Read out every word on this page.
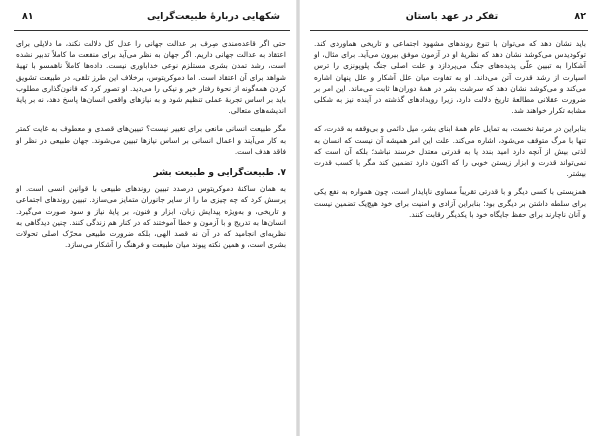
۸۱	شکهایی دربارهٔ طبیعت‌گرایی

حتی اگر قاعده‌مندی صِرف بر عدالت جهانی را عدل کل دلالت نکند، ما دلایلی برای اعتقاد به عدالت جهانی داریم. اگر جهان به نظر می‌آید برای منفعت ما کاملاً تدبیر نشده است، رشد تمدن بشری مستلزم نوعی خداباوری نیست. داده‌ها کاملاً ناهمسو با تهیهٔ شواهد برای آن اعتقاد است. اما دموکریتوس، برخلاف این طرز تلقی، در طبیعت تشویق کردن همه‌گونه از نحوهٔ رفتار خیر و نیکی را می‌دید. او تصور کرد که قانون‌گذاری مطلوب باید بر اساس تجربهٔ عملی تنظیم شود و به نیازهای واقعی انسان‌ها پاسخ دهد، نه بر پایهٔ اندیشه‌های متعالی.

مگر طبیعت انسانی مانعی برای تغییر نیست؟ تبیین‌های قصدی و معطوف به غایت کمتر به کار می‌آیند و اعمال انسانی بر اساس نیازها تبیین می‌شوند. جهان طبیعی در نظر او فاقد هدف است.

۷. طبیعت‌گرایی و طبیعت بشر

به همان ساکنهٔ دموکریتوس درصدد تبیین روندهای طبیعی با قوانین انسی است. او پرسش کرد که چه چیزی ما را از سایر جانوران متمایز می‌سازد. تبیین روندهای اجتماعی و تاریخی، و به‌ویژه پیدایش زبان، ابزار و فنون، بر پایهٔ نیاز و سود صورت می‌گیرد. انسان‌ها به تدریج و با آزمون و خطا آموختند که در کنار هم زندگی کنند. چنین دیدگاهی به نظریه‌ای انجامید که در آن نه قصد الهی، بلکه ضرورت طبیعی محرّک اصلی تحولات بشری است، و همین نکته پیوند میان طبیعت و فرهنگ را آشکار می‌سازد.

تفکر در عهد باستان	۸۲

باید نشان دهد که می‌توان با تنوع روندهای مشهود اجتماعی و تاریخی هماوردی کند. توکودیدس می‌کوشد نشان دهد که نظریهٔ او در آزمون موفق بیرون می‌آید. برای مثال، او آشکارا به تبیین علّی پدیده‌های جنگ می‌پردازد و علت اصلی جنگ پلوپونزی را ترس اسپارت از رشد قدرت آتن می‌داند. او به تفاوت میان علل آشکار و علل پنهان اشاره می‌کند و می‌کوشد نشان دهد که سرشت بشر در همهٔ دوران‌ها ثابت می‌ماند. این امر بر ضرورت عقلانی مطالعهٔ تاریخ دلالت دارد، زیرا رویدادهای گذشته در آینده نیز به شکلی مشابه تکرار خواهند شد.

بنابراین در مرتبهٔ نخست، به تمایل عام همهٔ ابنای بشر، میل دائمی و بی‌وقفه به قدرت، که تنها با مرگ متوقف می‌شود، اشاره می‌کند. علت این امر همیشه آن نیست که انسان به لذتی بیش از آنچه دارد امید بندد یا به قدرتی معتدل خرسند نباشد؛ بلکه آن است که نمی‌تواند قدرت و ابزار زیستن خوبی را که اکنون دارد تضمین کند مگر با کسب قدرت بیشتر.

همزیستی با کسی دیگر و با قدرتی تقریباً مساوی ناپایدار است، چون همواره به نفع یکی برای سلطه داشتن بر دیگری بود؛ بنابراین آزادی و امنیت برای خود هیچ‌یک تضمین نیست و آنان ناچارند برای حفظ جایگاه خود با یکدیگر رقابت کنند.
